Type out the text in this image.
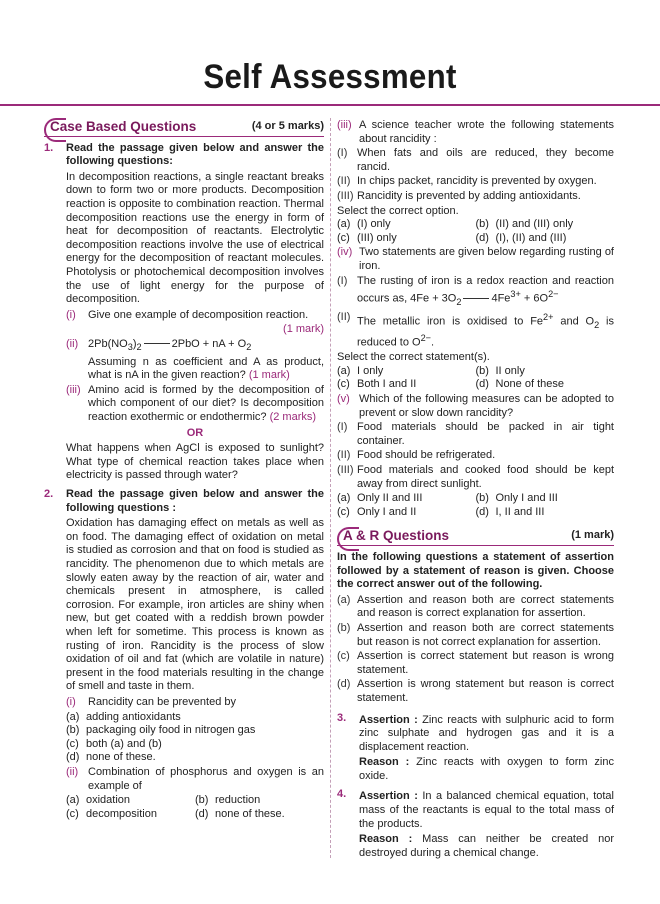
Self Assessment
Case Based Questions	(4 or 5 marks)
1.	Read the passage given below and answer the following questions:
In decomposition reactions, a single reactant breaks down to form two or more products. Decomposition reaction is opposite to combination reaction. Thermal decomposition reactions use the energy in form of heat for decomposition of reactants. Electrolytic decomposition reactions involve the use of electrical energy for the decomposition of reactant molecules. Photolysis or photochemical decomposition involves the use of light energy for the purpose of decomposition.
(i)	Give one example of decomposition reaction.
(1 mark)
(ii) $2Pb(NO_3)_2$	2PbO + nA + $O_2$
Assuming n as coefficient and A as product, what is nA in the given reaction? (1 mark)
(iii) Amino acid is formed by the decomposition of which component of our diet? Is decomposition reaction exothermic or endothermic? (2 marks)
OR
What happens when AgCl is exposed to sunlight? What type of chemical reaction takes place when electricity is passed through water?
2.	Read the passage given below and answer the following questions :
Oxidation has damaging effect on metals as well as on food. The damaging effect of oxidation on metal is studied as corrosion and that on food is studied as rancidity. The phenomenon due to which metals are slowly eaten away by the reaction of air, water and chemicals present in atmosphere, is called corrosion. For example, iron articles are shiny when new, but get coated with a reddish brown powder when left for sometime. This process is known as rusting of iron. Rancidity is the process of slow oxidation of oil and fat (which are volatile in nature) present in the food materials resulting in the change of smell and taste in them.
(i)	Rancidity can be prevented by
(a) adding antioxidants
(b) packaging oily food in nitrogen gas
(c) both (a) and (b)
(d) none of these.
(ii) Combination of phosphorus and oxygen is an example of
(a) oxidation	(b) reduction
(c) decomposition	(d) none of these.
(iii) A science teacher wrote the following statements about rancidity :
(I) When fats and oils are reduced, they become rancid.
(II) In chips packet, rancidity is prevented by oxygen.
(III) Rancidity is prevented by adding antioxidants.
Select the correct option.
(a) (I) only	(b) (II) and (III) only
(c) (III) only	(d) (I), (II) and (III)
(iv) Two statements are given below regarding rusting of iron.
(I) The rusting of iron is a redox reaction and reaction occurs as, $4Fe + 3O_2$	$4Fe^{3+} + 6O^{2-}$
(II) The metallic iron is oxidised to $Fe^{2+}$ and $O_2$ is reduced to $O^{2-}$.
Select the correct statement(s).
(a) I only	(b) II only
(c) Both I and II	(d) None of these
(v) Which of the following measures can be adopted to prevent or slow down rancidity?
(I) Food materials should be packed in air tight container.
(II) Food should be refrigerated.
(III) Food materials and cooked food should be kept away from direct sunlight.
(a) Only II and III	(b) Only I and III
(c) Only I and II	(d) I, II and III
A & R Questions	(1 mark)
In the following questions a statement of assertion followed by a statement of reason is given. Choose the correct answer out of the following.
(a) Assertion and reason both are correct statements and reason is correct explanation for assertion.
(b) Assertion and reason both are correct statements but reason is not correct explanation for assertion.
(c) Assertion is correct statement but reason is wrong statement.
(d) Assertion is wrong statement but reason is correct statement.
3.	Assertion : Zinc reacts with sulphuric acid to form zinc sulphate and hydrogen gas and it is a displacement reaction.
Reason : Zinc reacts with oxygen to form zinc oxide.
4.	Assertion : In a balanced chemical equation, total mass of the reactants is equal to the total mass of the products.
Reason : Mass can neither be created nor destroyed during a chemical change.
